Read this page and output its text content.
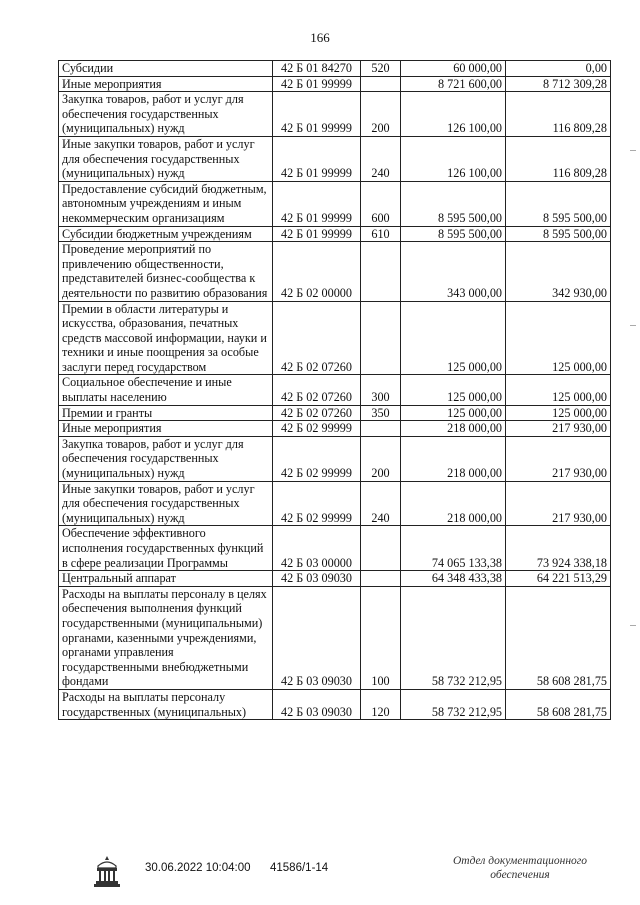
166
Субсидии	42 Б 01 84270	520	60 000,00	0,00
Иные мероприятия	42 Б 01 99999		8 721 600,00	8 712 309,28
Закупка товаров, работ и услуг для обеспечения государственных (муниципальных) нужд	42 Б 01 99999	200	126 100,00	116 809,28
Иные закупки товаров, работ и услуг для обеспечения государственных (муниципальных) нужд	42 Б 01 99999	240	126 100,00	116 809,28
Предоставление субсидий бюджетным, автономным учреждениям и иным некоммерческим организациям	42 Б 01 99999	600	8 595 500,00	8 595 500,00
Субсидии бюджетным учреждениям	42 Б 01 99999	610	8 595 500,00	8 595 500,00
Проведение мероприятий по привлечению общественности, представителей бизнес-сообщества к деятельности по развитию образования	42 Б 02 00000		343 000,00	342 930,00
Премии в области литературы и искусства, образования, печатных средств массовой информации, науки и техники и иные поощрения за особые заслуги перед государством	42 Б 02 07260		125 000,00	125 000,00
Социальное обеспечение и иные выплаты населению	42 Б 02 07260	300	125 000,00	125 000,00
Премии и гранты	42 Б 02 07260	350	125 000,00	125 000,00
Иные мероприятия	42 Б 02 99999		218 000,00	217 930,00
Закупка товаров, работ и услуг для обеспечения государственных (муниципальных) нужд	42 Б 02 99999	200	218 000,00	217 930,00
Иные закупки товаров, работ и услуг для обеспечения государственных (муниципальных) нужд	42 Б 02 99999	240	218 000,00	217 930,00
Обеспечение эффективного исполнения государственных функций в сфере реализации Программы	42 Б 03 00000		74 065 133,38	73 924 338,18
Центральный аппарат	42 Б 03 09030		64 348 433,38	64 221 513,29
Расходы на выплаты персоналу в целях обеспечения выполнения функций государственными (муниципальными) органами, казенными учреждениями, органами управления государственными внебюджетными фондами	42 Б 03 09030	100	58 732 212,95	58 608 281,75
Расходы на выплаты персоналу государственных (муниципальных)	42 Б 03 09030	120	58 732 212,95	58 608 281,75
30.06.2022 10:04:00 41586/1-14
Отдел документационного
обеспечения
